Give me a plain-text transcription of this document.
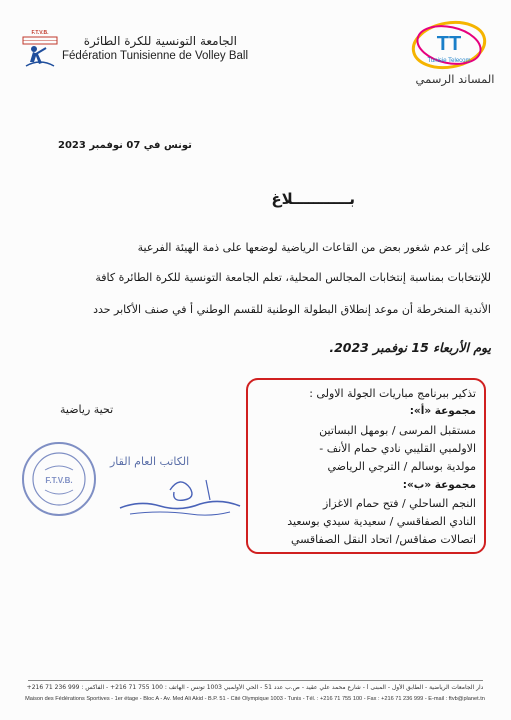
F.T.V.B.
الجامعة التونسية للكرة الطائرة
Fédération Tunisienne de Volley Ball
TT
Tunisie Telecom
المساند الرسمي
تونس في 07 نوفمبر 2023
بـــــــــــلاغ
على إثر عدم شغور بعض من القاعات الرياضية لوضعها على ذمة الهيئة الفرعية
للإنتخابات بمناسبة إنتخابات المجالس المحلية، تعلم الجامعة التونسية للكرة الطائرة كافة
الأندية المنخرطة أن موعد إنطلاق البطولة الوطنية للقسم الوطني أ في صنف الأكابر حدد
يوم الأربعاء 15 نوفمبر 2023.
تحية رياضية
F.T.V.B.
الكاتب العام القار
تذكير ببرنامج مباريات الجولة الاولى :
مجموعة «أ»:
مستقبل المرسى / بومهل البساتين
الاولمبي القليبي نادي حمام الأنف -
مولدية بوسالم / الترجي الرياضي
مجموعة «ب»:
النجم الساحلي / فتح حمام الاغزاز
النادي الصفاقسي / سعيدية سيدي بوسعيد
اتصالات صفاقس/ اتحاد النقل الصفاقسي
دار الجامعات الرياضية - الطابق الأول - المبنى أ - شارع محمد علي عقيد - ص.ب عدد 51 - الحي الأولمبي 1003 تونس - الهاتف : 100 755 71 216+ - الفاكس : 999 236 71 216+
Maison des Fédérations Sportives - 1er étage - Bloc A - Av. Med Ali Akid - B.P. 51 - Cité Olympique 1003 - Tunis - Tél. : +216 71 755 100 - Fax : +216 71 236 999 - E-mail : ftvb@planet.tn
